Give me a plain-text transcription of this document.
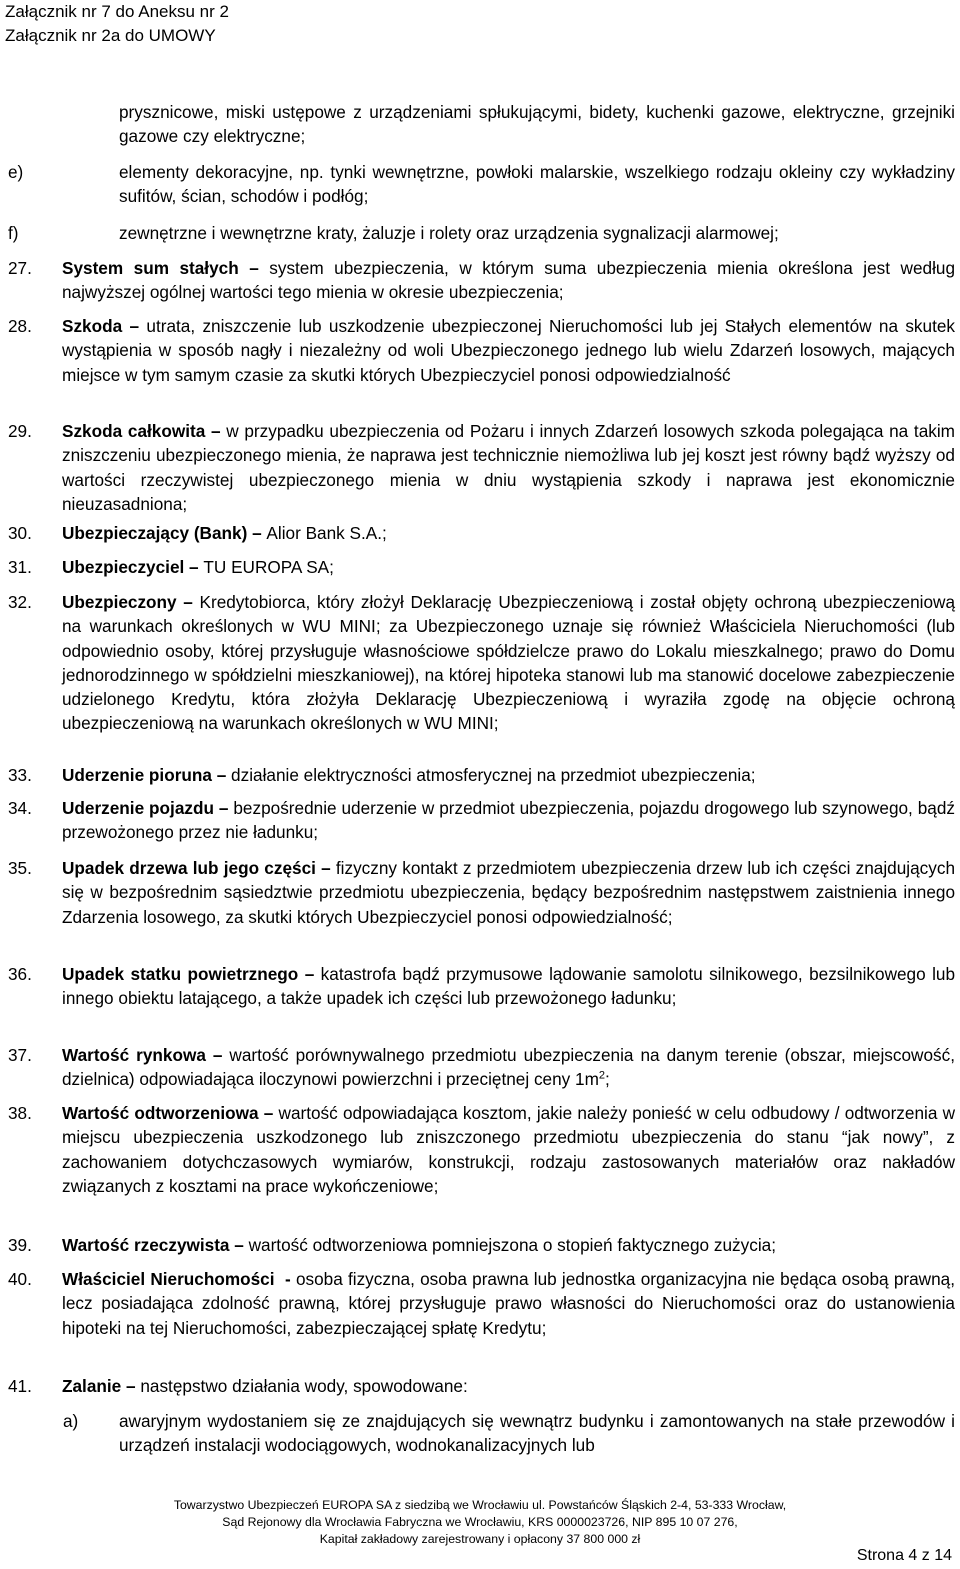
Załącznik nr 7 do Aneksu nr 2
Załącznik nr 2a do UMOWY
prysznicowe, miski ustępowe z urządzeniami spłukującymi, bidety, kuchenki gazowe, elektryczne, grzejniki gazowe czy elektryczne;
e)	elementy dekoracyjne, np. tynki wewnętrzne, powłoki malarskie, wszelkiego rodzaju okleiny czy wykładziny sufitów, ścian, schodów i podłóg;
f)	zewnętrzne i wewnętrzne kraty, żaluzje i rolety oraz urządzenia sygnalizacji alarmowej;
27. System sum stałych – system ubezpieczenia, w którym suma ubezpieczenia mienia określona jest według najwyższej ogólnej wartości tego mienia w okresie ubezpieczenia;
28. Szkoda – utrata, zniszczenie lub uszkodzenie ubezpieczonej Nieruchomości lub jej Stałych elementów na skutek wystąpienia w sposób nagły i niezależny od woli Ubezpieczonego jednego lub wielu Zdarzeń losowych, mających miejsce w tym samym czasie za skutki których Ubezpieczyciel ponosi odpowiedzialność
29. Szkoda całkowita – w przypadku ubezpieczenia od Pożaru i innych Zdarzeń losowych szkoda polegająca na takim zniszczeniu ubezpieczonego mienia, że naprawa jest technicznie niemożliwa lub jej koszt jest równy bądź wyższy od wartości rzeczywistej ubezpieczonego mienia w dniu wystąpienia szkody i naprawa jest ekonomicznie nieuzasadniona;
30. Ubezpieczający (Bank) – Alior Bank S.A.;
31. Ubezpieczyciel – TU EUROPA SA;
32. Ubezpieczony – Kredytobiorca, który złożył Deklarację Ubezpieczeniową i został objęty ochroną ubezpieczeniową na warunkach określonych w WU MINI; za Ubezpieczonego uznaje się również Właściciela Nieruchomości (lub odpowiednio osoby, której przysługuje własnościowe spółdzielcze prawo do Lokalu mieszkalnego; prawo do Domu jednorodzinnego w spółdzielni mieszkaniowej), na której hipoteka stanowi lub ma stanowić docelowe zabezpieczenie udzielonego Kredytu, która złożyła Deklarację Ubezpieczeniową i wyraziła zgodę na objęcie ochroną ubezpieczeniową na warunkach określonych w WU MINI;
33. Uderzenie pioruna – działanie elektryczności atmosferycznej na przedmiot ubezpieczenia;
34. Uderzenie pojazdu – bezpośrednie uderzenie w przedmiot ubezpieczenia, pojazdu drogowego lub szynowego, bądź przewożonego przez nie ładunku;
35. Upadek drzewa lub jego części – fizyczny kontakt z przedmiotem ubezpieczenia drzew lub ich części znajdujących się w bezpośrednim sąsiedztwie przedmiotu ubezpieczenia, będący bezpośrednim następstwem zaistnienia innego Zdarzenia losowego, za skutki których Ubezpieczyciel ponosi odpowiedzialność;
36. Upadek statku powietrznego – katastrofa bądź przymusowe lądowanie samolotu silnikowego, bezsilnikowego lub innego obiektu latającego, a także upadek ich części lub przewożonego ładunku;
37. Wartość rynkowa – wartość porównywalnego przedmiotu ubezpieczenia na danym terenie (obszar, miejscowość, dzielnica) odpowiadająca iloczynowi powierzchni i przeciętnej ceny $1m^2$;
38. Wartość odtworzeniowa – wartość odpowiadająca kosztom, jakie należy ponieść w celu odbudowy / odtworzenia w miejscu ubezpieczenia uszkodzonego lub zniszczonego przedmiotu ubezpieczenia do stanu “jak nowy”, z zachowaniem dotychczasowych wymiarów, konstrukcji, rodzaju zastosowanych materiałów oraz nakładów związanych z kosztami na prace wykończeniowe;
39. Wartość rzeczywista – wartość odtworzeniowa pomniejszona o stopień faktycznego zużycia;
40. Właściciel Nieruchomości  - osoba fizyczna, osoba prawna lub jednostka organizacyjna nie będąca osobą prawną, lecz posiadająca zdolność prawną, której przysługuje prawo własności do Nieruchomości oraz do ustanowienia hipoteki na tej Nieruchomości, zabezpieczającej spłatę Kredytu;
41. Zalanie – następstwo działania wody, spowodowane:
a) awaryjnym wydostaniem się ze znajdujących się wewnątrz budynku i zamontowanych na stałe przewodów i urządzeń instalacji wodociągowych, wodnokanalizacyjnych lub
Towarzystwo Ubezpieczeń EUROPA SA z siedzibą we Wrocławiu ul. Powstańców Śląskich 2-4, 53-333 Wrocław,
Sąd Rejonowy dla Wrocławia Fabryczna we Wrocławiu, KRS 0000023726, NIP 895 10 07 276,
Kapitał zakładowy zarejestrowany i opłacony 37 800 000 zł
Strona 4 z 14
